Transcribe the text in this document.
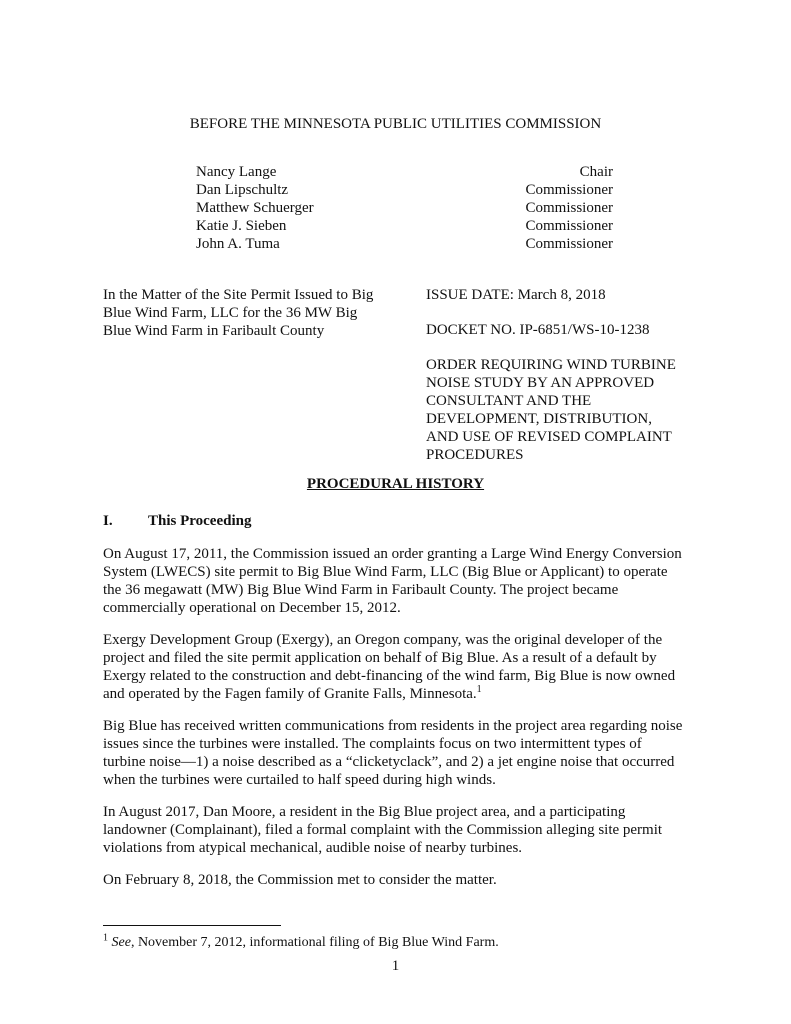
BEFORE THE MINNESOTA PUBLIC UTILITIES COMMISSION
Nancy Lange	Chair
Dan Lipschultz	Commissioner
Matthew Schuerger	Commissioner
Katie J. Sieben	Commissioner
John A. Tuma	Commissioner
In the Matter of the Site Permit Issued to Big
Blue Wind Farm, LLC for the 36 MW Big
Blue Wind Farm in Faribault County
ISSUE DATE: March 8, 2018
DOCKET NO. IP-6851/WS-10-1238
ORDER REQUIRING WIND TURBINE
NOISE STUDY BY AN APPROVED
CONSULTANT AND THE
DEVELOPMENT, DISTRIBUTION,
AND USE OF REVISED COMPLAINT
PROCEDURES
PROCEDURAL HISTORY
I. This Proceeding
On August 17, 2011, the Commission issued an order granting a Large Wind Energy Conversion
System (LWECS) site permit to Big Blue Wind Farm, LLC (Big Blue or Applicant) to operate
the 36 megawatt (MW) Big Blue Wind Farm in Faribault County. The project became
commercially operational on December 15, 2012.
Exergy Development Group (Exergy), an Oregon company, was the original developer of the
project and filed the site permit application on behalf of Big Blue. As a result of a default by
Exergy related to the construction and debt-financing of the wind farm, Big Blue is now owned
and operated by the Fagen family of Granite Falls, Minnesota.$^1$
Big Blue has received written communications from residents in the project area regarding noise
issues since the turbines were installed. The complaints focus on two intermittent types of
turbine noise—1) a noise described as a “clicketyclack”, and 2) a jet engine noise that occurred
when the turbines were curtailed to half speed during high winds.
In August 2017, Dan Moore, a resident in the Big Blue project area, and a participating
landowner (Complainant), filed a formal complaint with the Commission alleging site permit
violations from atypical mechanical, audible noise of nearby turbines.
On February 8, 2018, the Commission met to consider the matter.
$^1$ See, November 7, 2012, informational filing of Big Blue Wind Farm.
1
